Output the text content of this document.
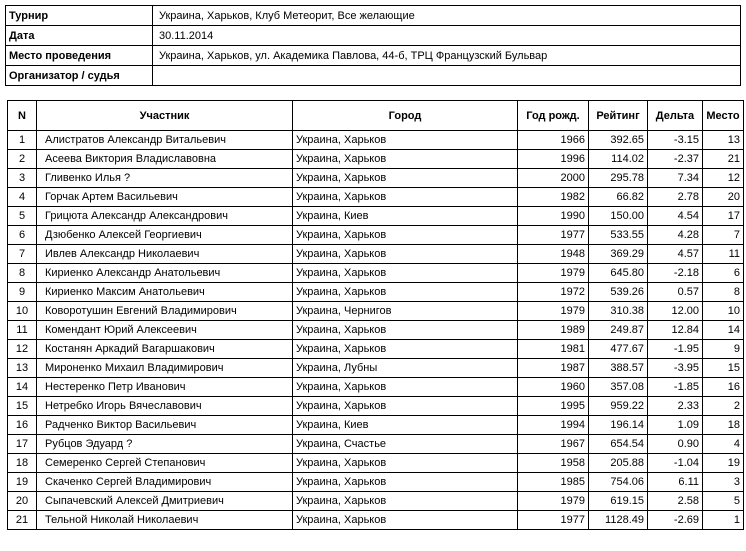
Турнир	Украина, Харьков, Клуб Метеорит, Все желающие
Дата	30.11.2014
Место проведения	Украина, Харьков, ул. Академика Павлова, 44-б, ТРЦ Французский Бульвар
Организатор / судья	
N	Участник	Город	Год рожд.	Рейтинг	Дельта	Место
1	Алистратов Александр Витальевич	Украина, Харьков	1966	392.65	-3.15	13
2	Асеева Виктория Владиславовна	Украина, Харьков	1996	114.02	-2.37	21
3	Гливенко Илья ?	Украина, Харьков	2000	295.78	7.34	12
4	Горчак Артем Васильевич	Украина, Харьков	1982	66.82	2.78	20
5	Грицюта Александр Александрович	Украина, Киев	1990	150.00	4.54	17
6	Дзюбенко Алексей Георгиевич	Украина, Харьков	1977	533.55	4.28	7
7	Ивлев Александр Николаевич	Украина, Харьков	1948	369.29	4.57	11
8	Кириенко Александр Анатольевич	Украина, Харьков	1979	645.80	-2.18	6
9	Кириенко Максим Анатольевич	Украина, Харьков	1972	539.26	0.57	8
10	Коворотушин Евгений Владимирович	Украина, Чернигов	1979	310.38	12.00	10
11	Комендант Юрий Алексеевич	Украина, Харьков	1989	249.87	12.84	14
12	Костанян Аркадий Вагаршакович	Украина, Харьков	1981	477.67	-1.95	9
13	Мироненко Михаил Владимирович	Украина, Лубны	1987	388.57	-3.95	15
14	Нестеренко Петр Иванович	Украина, Харьков	1960	357.08	-1.85	16
15	Нетребко Игорь Вячеславович	Украина, Харьков	1995	959.22	2.33	2
16	Радченко Виктор Васильевич	Украина, Киев	1994	196.14	1.09	18
17	Рубцов Эдуард ?	Украина, Счастье	1967	654.54	0.90	4
18	Семеренко Сергей Степанович	Украина, Харьков	1958	205.88	-1.04	19
19	Скаченко Сергей Владимирович	Украина, Харьков	1985	754.06	6.11	3
20	Сыпачевский Алексей Дмитриевич	Украина, Харьков	1979	619.15	2.58	5
21	Тельной Николай Николаевич	Украина, Харьков	1977	1128.49	-2.69	1
